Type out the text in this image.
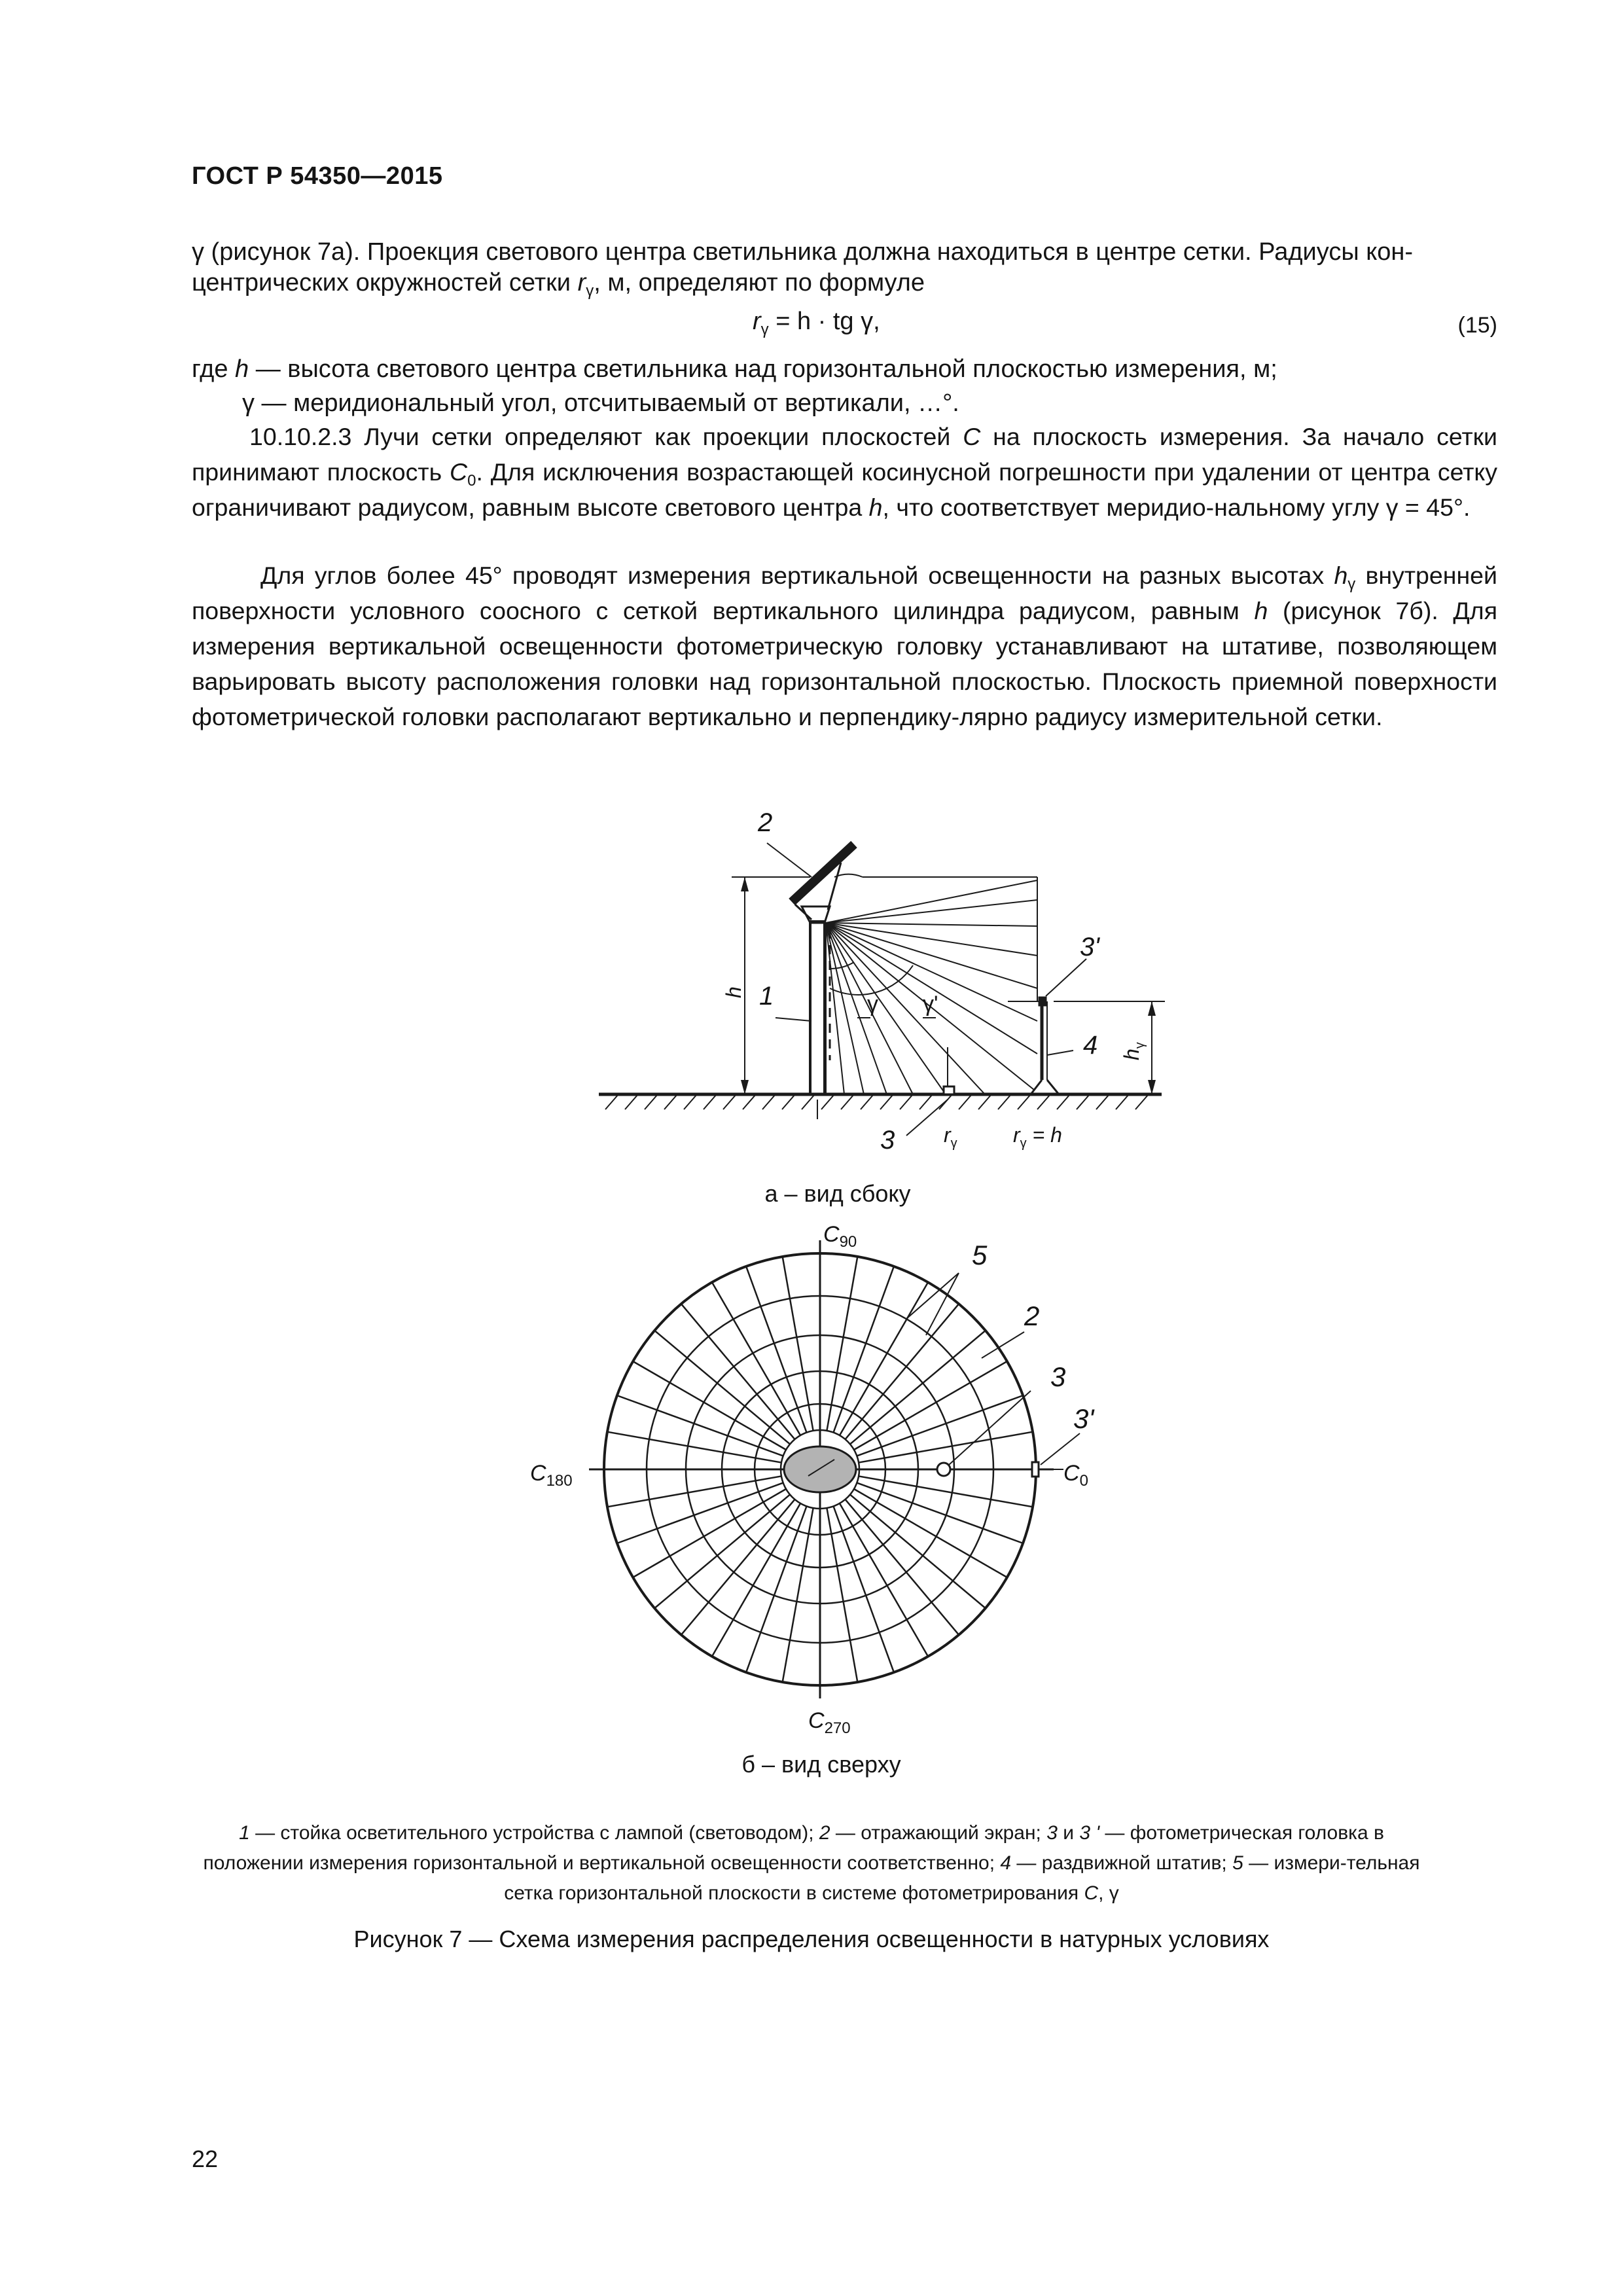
ГОСТ Р 54350—2015
γ (рисунок 7а). Проекция светового центра светильника должна находиться в центре сетки. Радиусы кон-
центрических окружностей сетки $r_\gamma$, м, определяют по формуле
$r_\gamma = h$ · tg γ,	(15)
где h — высота светового центра светильника над горизонтальной плоскостью измерения, м;
γ — меридиональный угол, отсчитываемый от вертикали, …°.
10.10.2.3 Лучи сетки определяют как проекции плоскостей C на плоскость измерения. За начало сетки принимают плоскость $C_0$. Для исключения возрастающей косинусной погрешности при удалении от центра сетку ограничивают радиусом, равным высоте светового центра h, что соответствует меридио-нальному углу γ = 45°.
Для углов более 45° проводят измерения вертикальной освещенности на разных высотах $h_\gamma$ внутренней поверхности условного соосного с сеткой вертикального цилиндра радиусом, равным h (рисунок 7б). Для измерения вертикальной освещенности фотометрическую головку устанавливают на штативе, позволяющем варьировать высоту расположения головки над горизонтальной плоскостью. Плоскость приемной поверхности фотометрической головки располагают вертикально и перпендику-лярно радиусу измерительной сетки.
2
1
3
3'
4
h	γ γ'
$r_\gamma$	$r_\gamma = h$
$h_\gamma$
а – вид сбоку
$C_{90}$
$C_{180}$
$C_{270}$
$C_0$
5
2
3
3'
б – вид сверху
1 — стойка осветительного устройства с лампой (световодом); 2 — отражающий экран; 3 и 3 ' — фотометрическая головка в положении измерения горизонтальной и вертикальной освещенности соответственно; 4 — раздвижной штатив; 5 — измери-тельная сетка горизонтальной плоскости в системе фотометрирования C, γ
Рисунок 7 — Схема измерения распределения освещенности в натурных условиях
22
